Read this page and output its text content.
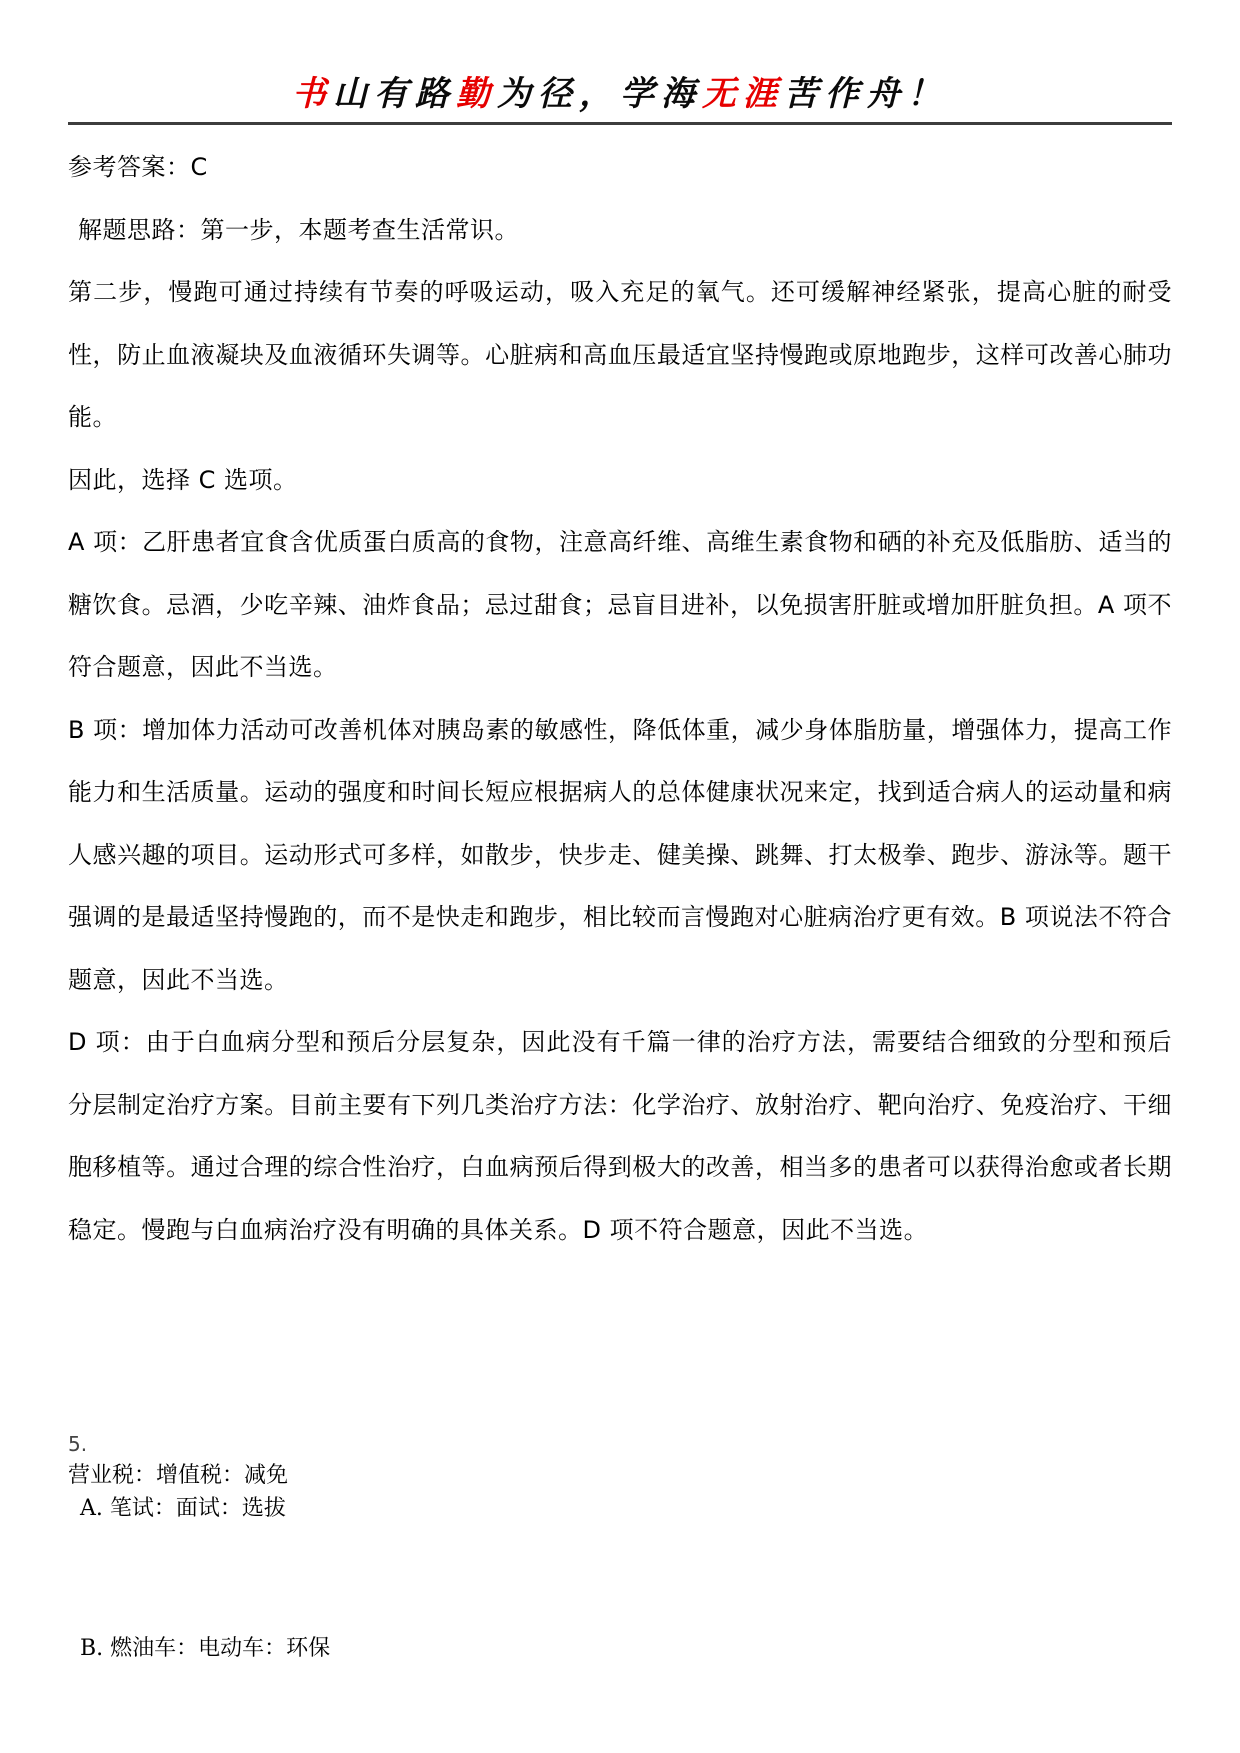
书山有路勤为径，学海无涯苦作舟！

参考答案：C

解题思路：第一步，本题考查生活常识。

第二步，慢跑可通过持续有节奏的呼吸运动，吸入充足的氧气。还可缓解神经紧张，提高心脏的耐受性，防止血液凝块及血液循环失调等。心脏病和高血压最适宜坚持慢跑或原地跑步，这样可改善心肺功能。

因此，选择 C 选项。

A 项：乙肝患者宜食含优质蛋白质高的食物，注意高纤维、高维生素食物和硒的补充及低脂肪、适当的糖饮食。忌酒，少吃辛辣、油炸食品；忌过甜食；忌盲目进补，以免损害肝脏或增加肝脏负担。A 项不符合题意，因此不当选。

B 项：增加体力活动可改善机体对胰岛素的敏感性，降低体重，减少身体脂肪量，增强体力，提高工作能力和生活质量。运动的强度和时间长短应根据病人的总体健康状况来定，找到适合病人的运动量和病人感兴趣的项目。运动形式可多样，如散步，快步走、健美操、跳舞、打太极拳、跑步、游泳等。题干强调的是最适坚持慢跑的，而不是快走和跑步，相比较而言慢跑对心脏病治疗更有效。B 项说法不符合题意，因此不当选。

D 项：由于白血病分型和预后分层复杂，因此没有千篇一律的治疗方法，需要结合细致的分型和预后分层制定治疗方案。目前主要有下列几类治疗方法：化学治疗、放射治疗、靶向治疗、免疫治疗、干细胞移植等。通过合理的综合性治疗，白血病预后得到极大的改善，相当多的患者可以获得治愈或者长期稳定。慢跑与白血病治疗没有明确的具体关系。D 项不符合题意，因此不当选。

5.
营业税：增值税：减免
A. 笔试：面试：选拔
B. 燃油车：电动车：环保
